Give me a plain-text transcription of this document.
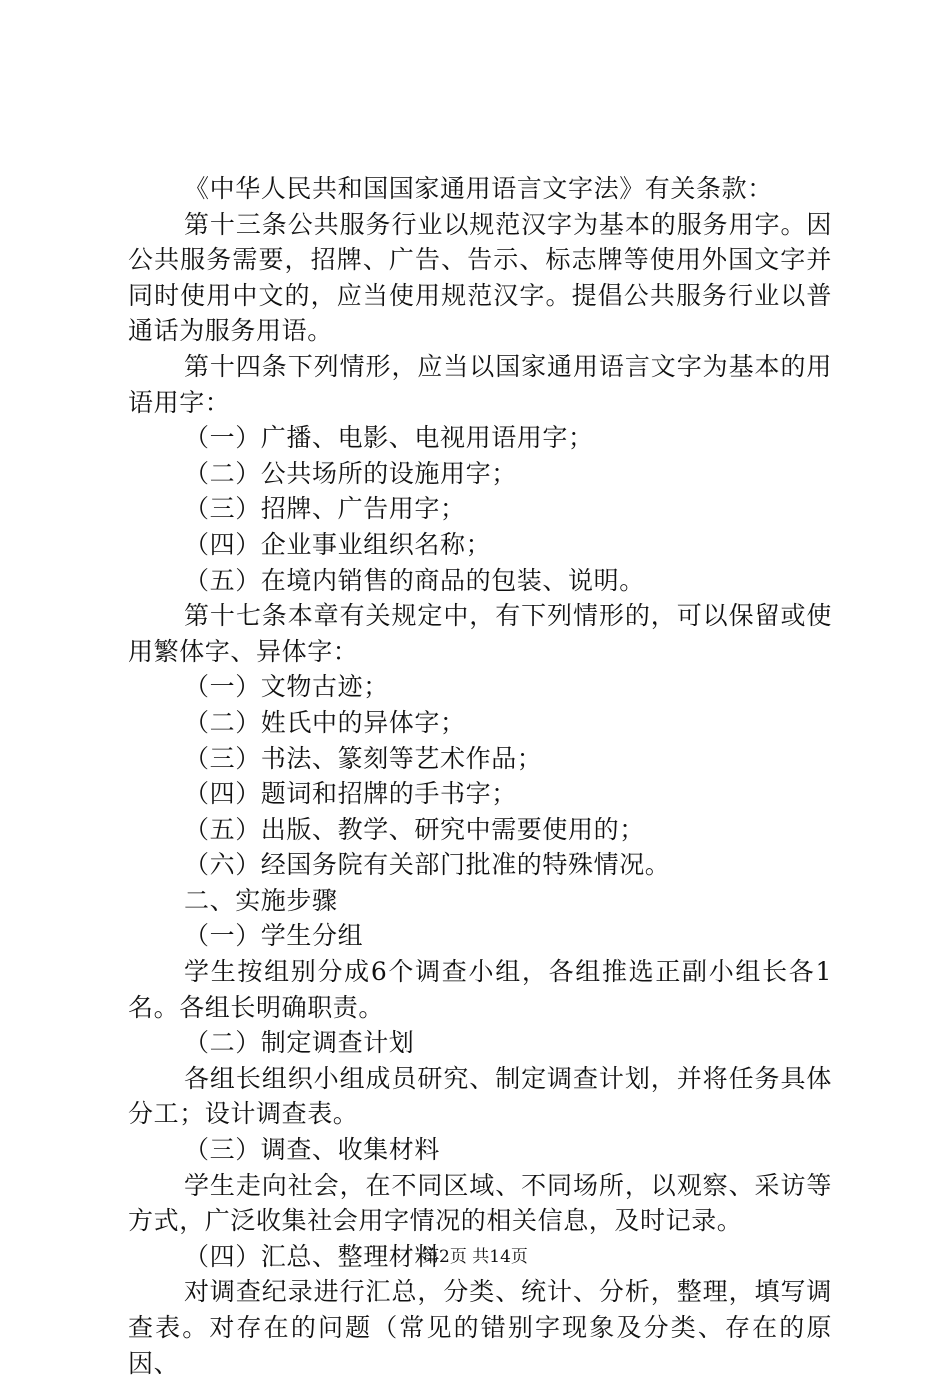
《中华人民共和国国家通用语言文字法》有关条款：

第十三条公共服务行业以规范汉字为基本的服务用字。因公共服务需要，招牌、广告、告示、标志牌等使用外国文字并同时使用中文的，应当使用规范汉字。提倡公共服务行业以普通话为服务用语。

第十四条下列情形，应当以国家通用语言文字为基本的用语用字：

（一）广播、电影、电视用语用字；

（二）公共场所的设施用字；

（三）招牌、广告用字；

（四）企业事业组织名称；

（五）在境内销售的商品的包装、说明。

第十七条本章有关规定中，有下列情形的，可以保留或使用繁体字、异体字：

（一）文物古迹；

（二）姓氏中的异体字；

（三）书法、篆刻等艺术作品；

（四）题词和招牌的手书字；

（五）出版、教学、研究中需要使用的；

（六）经国务院有关部门批准的特殊情况。

二、实施步骤

（一）学生分组

学生按组别分成6个调查小组，各组推选正副小组长各1名。各组长明确职责。

（二）制定调查计划

各组长组织小组成员研究、制定调查计划，并将任务具体分工；设计调查表。

（三）调查、收集材料

学生走向社会，在不同区域、不同场所，以观察、采访等方式，广泛收集社会用字情况的相关信息，及时记录。

（四）汇总、整理材料

对调查纪录进行汇总，分类、统计、分析，整理，填写调查表。对存在的问题（常见的错别字现象及分类、存在的原因、

第2页 共14页
